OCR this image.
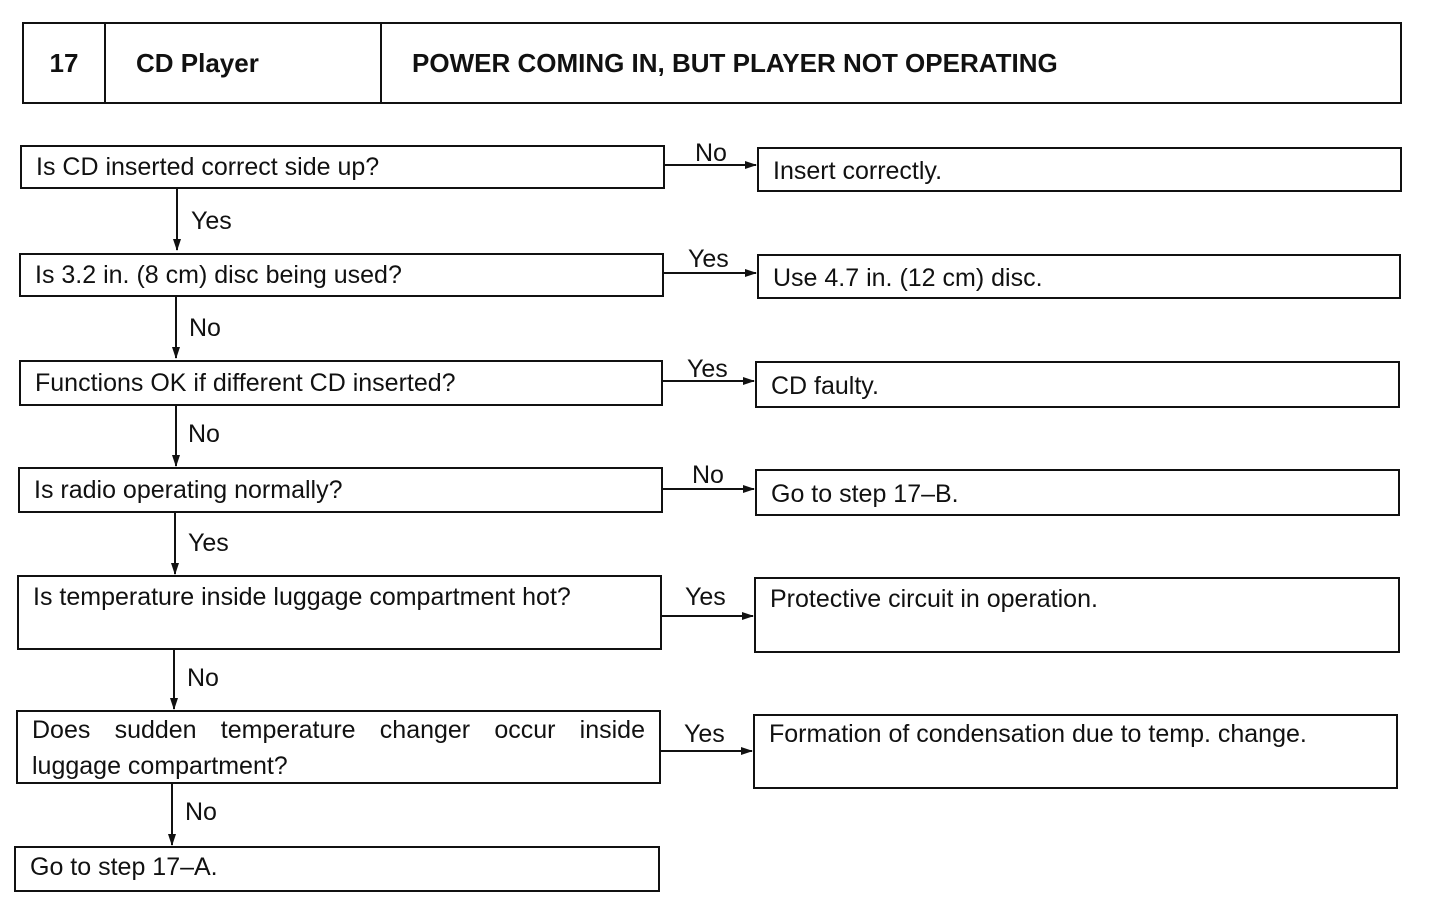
17 CD Player	POWER COMING IN, BUT PLAYER NOT OPERATING
Is CD inserted correct side up?
Is 3.2 in. (8 cm) disc being used?
Functions OK if different CD inserted?
Is radio operating normally?
Is temperature inside luggage compartment hot?
Does sudden temperature changer occur inside luggage compartment?
Go to step 17–A.
Insert correctly.
Use 4.7 in. (12 cm) disc.
CD faulty.
Go to step 17–B.
Protective circuit in operation.
Formation of condensation due to temp. change.
No
Yes
Yes
No
Yes
Yes
Yes
No
No
Yes
No
No
